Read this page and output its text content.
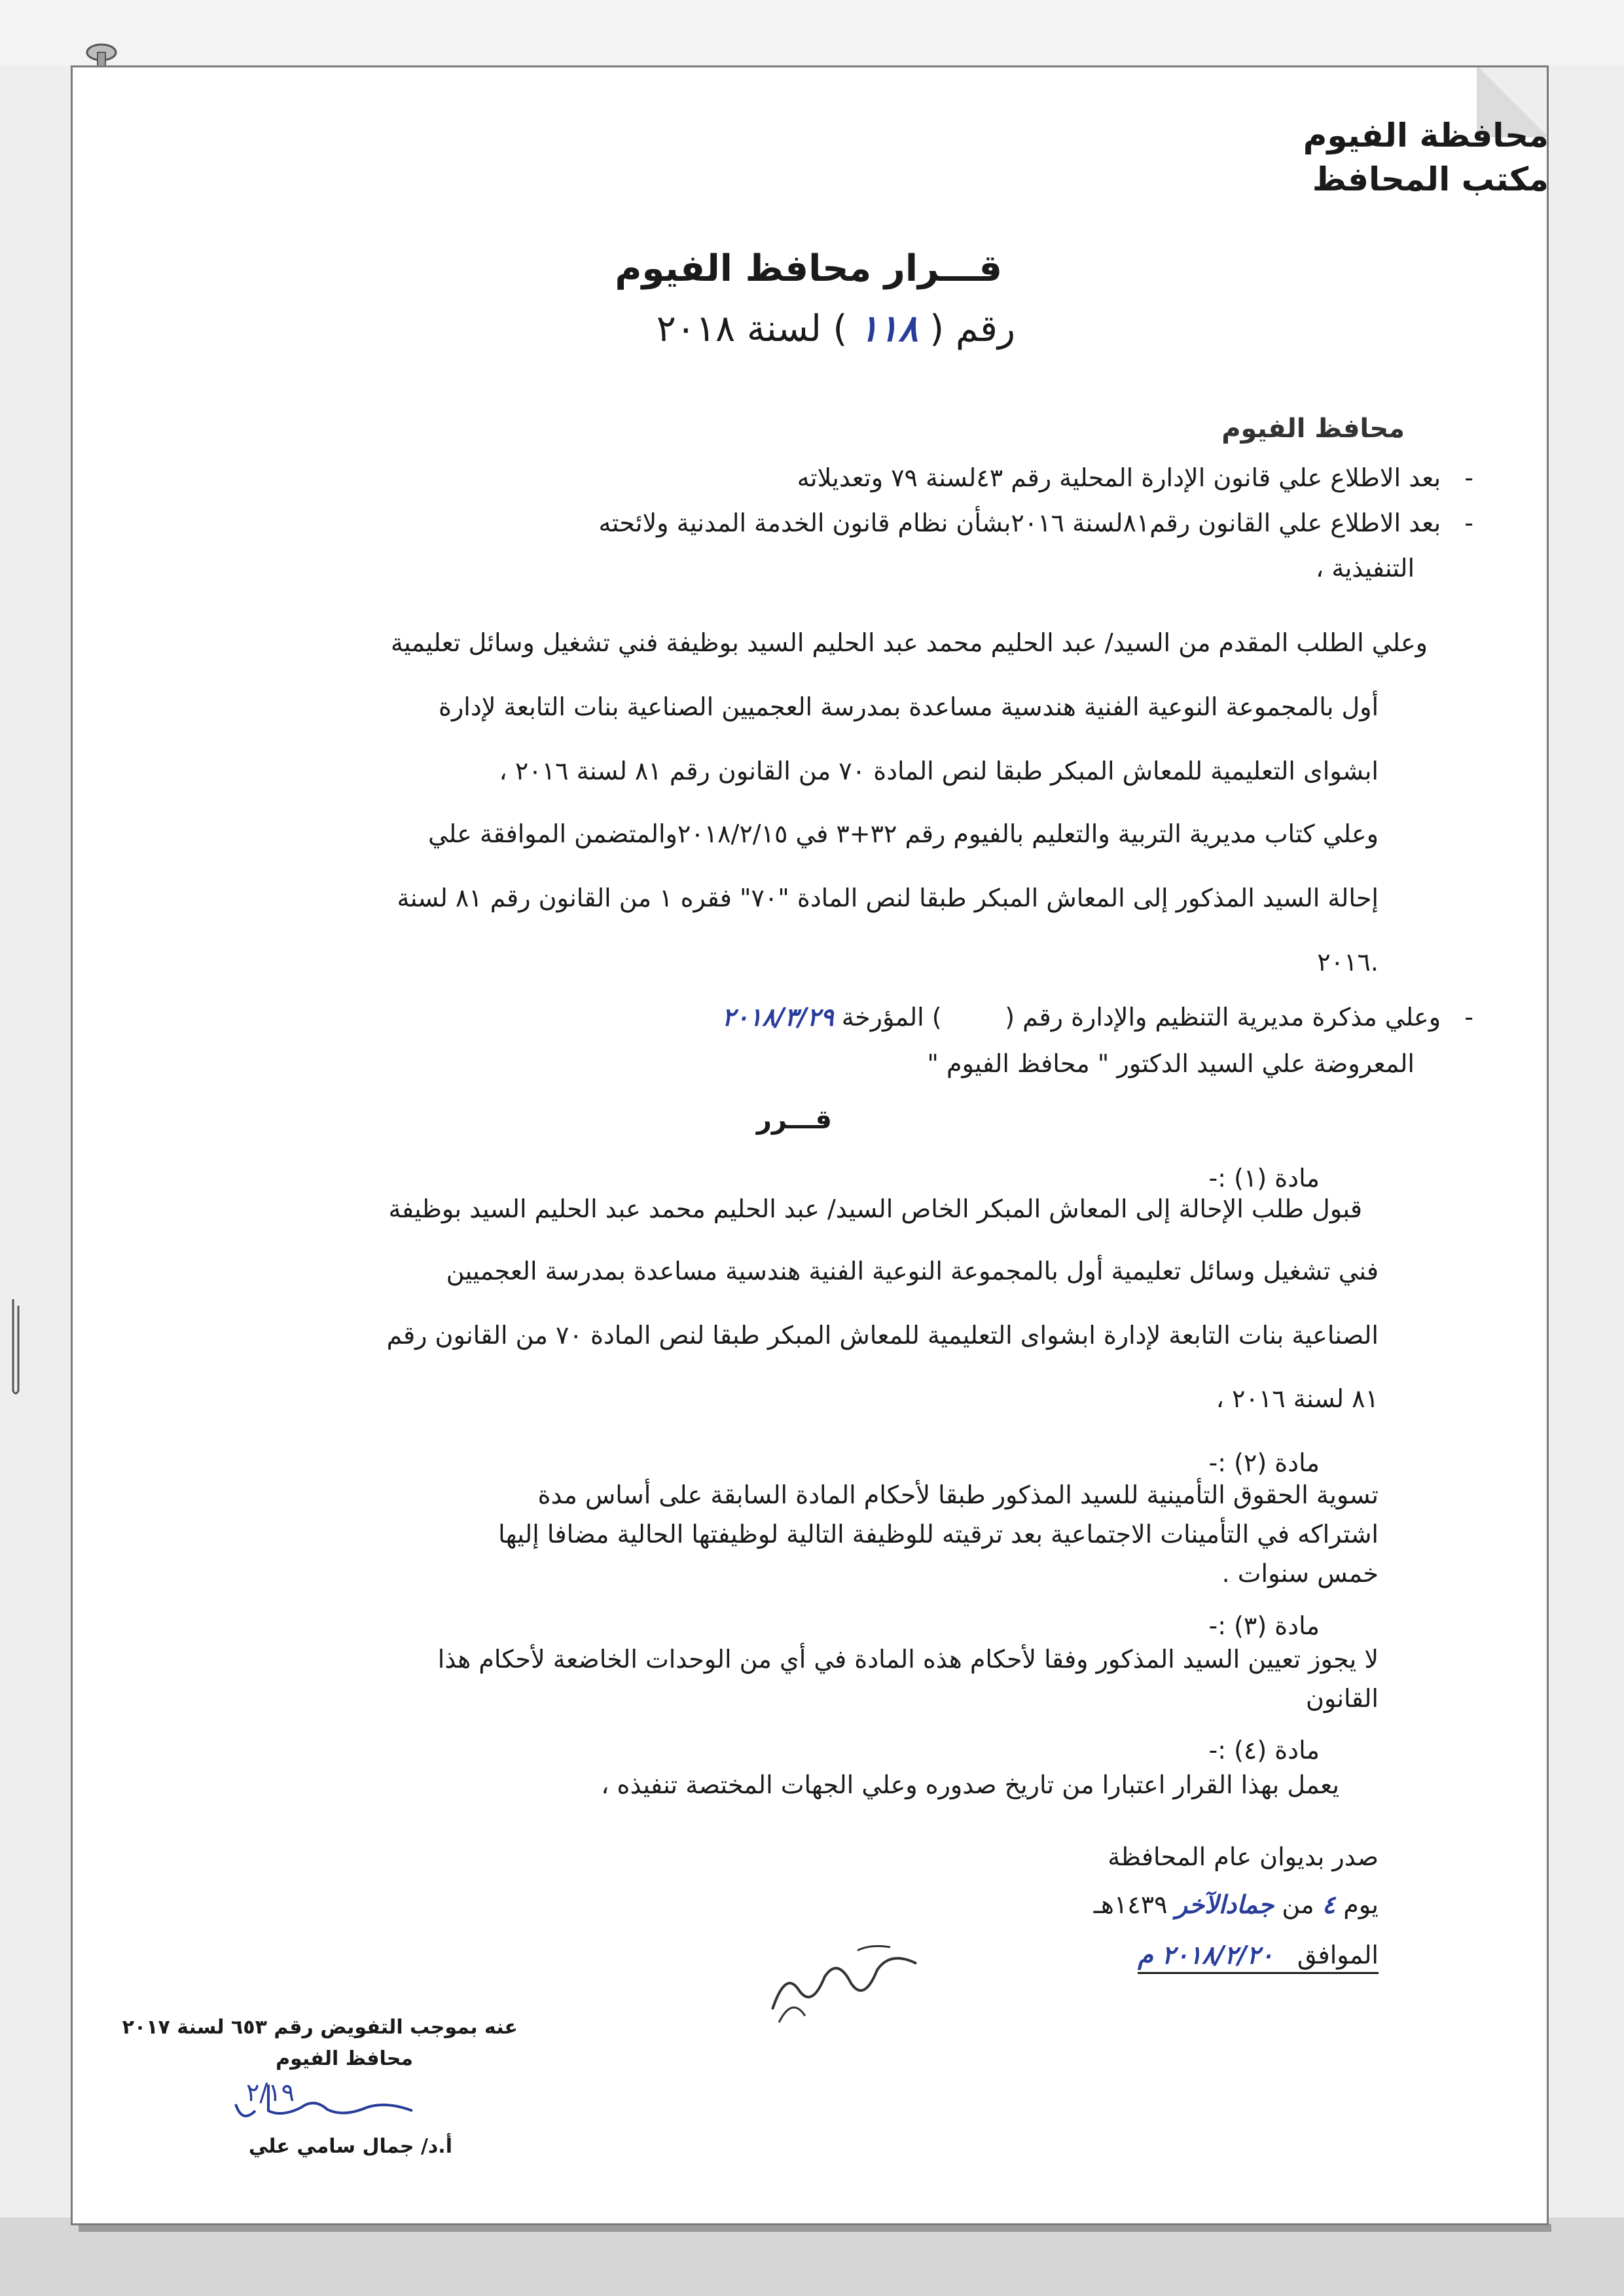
محافظة الفيوم
مكتب المحافظ
قـــرار محافظ الفيوم
رقم ( ١١٨ ) لسنة ٢٠١٨
محافظ الفيوم
-   بعد الاطلاع علي قانون الإدارة المحلية رقم ٤٣لسنة ٧٩ وتعديلاته
-   بعد الاطلاع علي القانون رقم٨١لسنة ٢٠١٦بشأن نظام قانون الخدمة المدنية ولائحته
التنفيذية ،
وعلي الطلب المقدم من السيد/ عبد الحليم محمد عبد الحليم السيد بوظيفة فني تشغيل وسائل تعليمية
أول بالمجموعة النوعية الفنية هندسية مساعدة بمدرسة العجميين الصناعية بنات التابعة لإدارة
ابشواى التعليمية للمعاش المبكر طبقا لنص المادة ٧٠ من القانون رقم ٨١ لسنة ٢٠١٦ ،
وعلي كتاب مديرية التربية والتعليم بالفيوم رقم ٣٢+٣ في ٢٠١٨/٢/١٥والمتضمن الموافقة علي
إحالة السيد المذكور إلى المعاش المبكر طبقا لنص المادة "٧٠" فقره ١ من القانون رقم ٨١ لسنة
.٢٠١٦
-   وعلي مذكرة مديرية التنظيم والإدارة رقم (        ) المؤرخة ٢٠١٨/٣/٢٩
المعروضة علي السيد الدكتور " محافظ الفيوم "
قـــرر
مادة (١) :-
قبول طلب الإحالة إلى المعاش المبكر الخاص السيد/ عبد الحليم محمد عبد الحليم السيد بوظيفة
فني تشغيل وسائل تعليمية أول بالمجموعة النوعية الفنية هندسية مساعدة بمدرسة العجميين
الصناعية بنات التابعة لإدارة ابشواى التعليمية للمعاش المبكر طبقا لنص المادة ٧٠ من القانون رقم
٨١ لسنة ٢٠١٦ ،
مادة (٢) :-
تسوية الحقوق التأمينية للسيد المذكور طبقا لأحكام المادة السابقة على أساس مدة
اشتراكه في التأمينات الاجتماعية بعد ترقيته للوظيفة التالية لوظيفتها الحالية مضافا إليها
خمس سنوات .
مادة (٣) :-
لا يجوز تعيين السيد المذكور وفقا لأحكام هذه المادة في أي من الوحدات الخاضعة لأحكام هذا
القانون
مادة (٤) :-
يعمل بهذا القرار اعتبارا من تاريخ صدوره وعلي الجهات المختصة تنفيذه ،
صدر بديوان عام المحافظة
يوم ٤ من جمادالآخر ١٤٣٩هـ
الموافق   ٢٠١٨/٢/٢٠ م
عنه بموجب التفويض رقم ٦٥٣ لسنة ٢٠١٧
محافظ الفيوم
٢/١٩
أ.د/ جمال سامي علي
